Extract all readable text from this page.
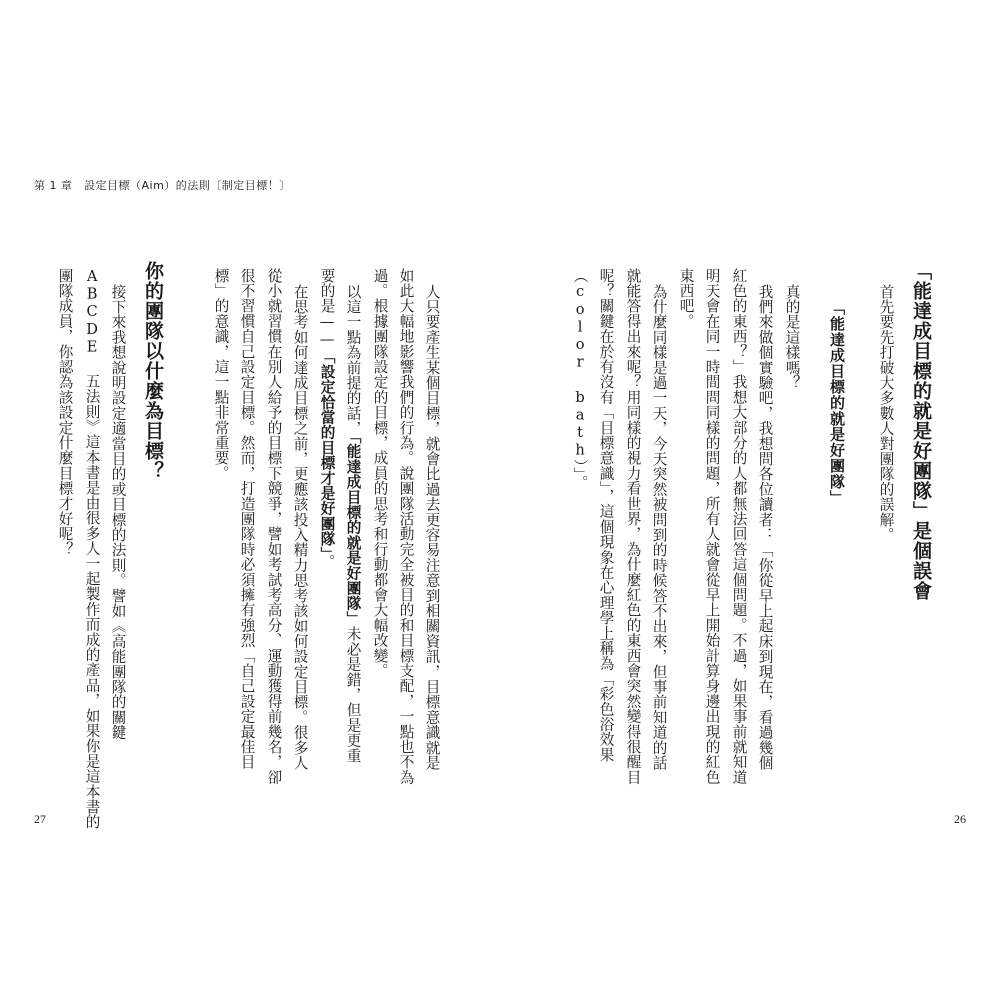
第 1 章　設定目標（Aim）的法則〔制定目標！〕
人只要產生某個目標，就會比過去更容易注意到相關資訊，目標意識就是
如此大幅地影響我們的行為。說團隊活動完全被目的和目標支配，一點也不為
過。根據團隊設定的目標，成員的思考和行動都會大幅改變。
以這一點為前提的話，「能達成目標的就是好團隊」未必是錯，但是更重
要的是——「設定恰當的目標才是好團隊」。
在思考如何達成目標之前，更應該投入精力思考該如何設定目標。很多人
從小就習慣在別人給予的目標下競爭，譬如考試考高分、運動獲得前幾名，卻
很不習慣自己設定目標。然而，打造團隊時必須擁有強烈「自己設定最佳目
標」的意識，這一點非常重要。
你的團隊以什麼為目標？
接下來我想說明設定適當目的或目標的法則。譬如《高能團隊的關鍵
ABCDE 五法則》這本書是由很多人一起製作而成的產品，如果你是這本書的
團隊成員，你認為該設定什麼目標才好呢？
27
「能達成目標的就是好團隊」是個誤會
首先要先打破大多數人對團隊的誤解。
「能達成目標的就是好團隊」
真的是這樣嗎？
我們來做個實驗吧，我想問各位讀者：「你從早上起床到現在，看過幾個
紅色的東西？」我想大部分的人都無法回答這個問題。不過，如果事前就知道
明天會在同一時間問同樣的問題，所有人就會從早上開始計算身邊出現的紅色
東西吧。
為什麼同樣是過一天，今天突然被問到的時候答不出來，但事前知道的話
就能答得出來呢？用同樣的視力看世界，為什麼紅色的東西會突然變得很醒目
呢？關鍵在於有沒有「目標意識」，這個現象在心理學上稱為「彩色浴效果
（color bath）」。
26
